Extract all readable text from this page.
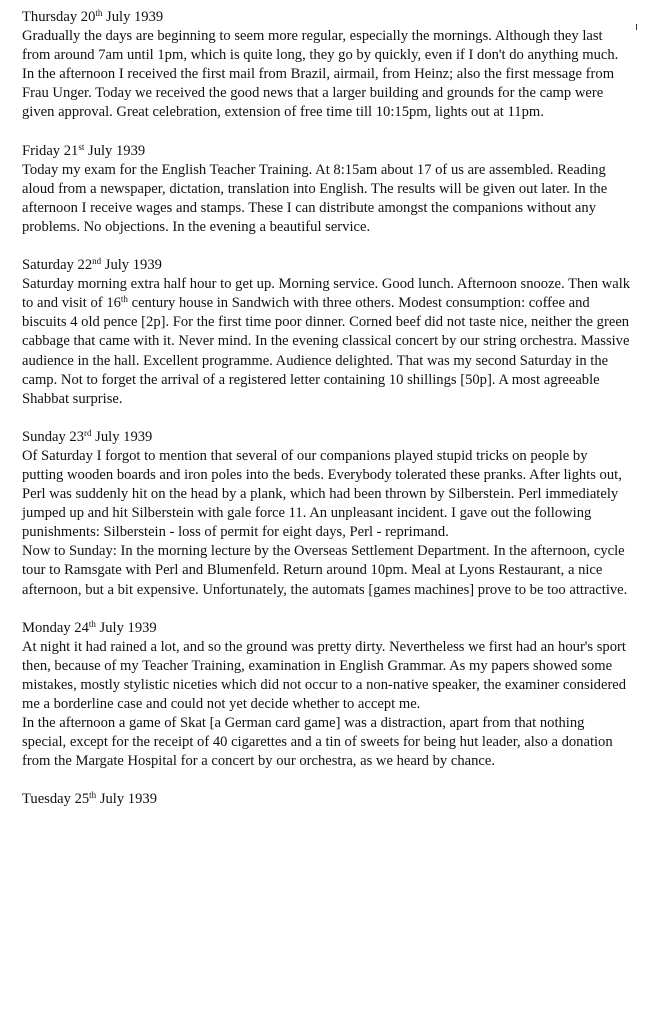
Thursday 20th July 1939

Gradually the days are beginning to seem more regular, especially the mornings. Although they last from around 7am until 1pm, which is quite long, they go by quickly, even if I don't do anything much. In the afternoon I received the first mail from Brazil, airmail, from Heinz; also the first message from Frau Unger. Today we received the good news that a larger building and grounds for the camp were given approval. Great celebration, extension of free time till 10:15pm, lights out at 11pm.

Friday 21st July 1939

Today my exam for the English Teacher Training. At 8:15am about 17 of us are assembled. Reading aloud from a newspaper, dictation, translation into English. The results will be given out later. In the afternoon I receive wages and stamps. These I can distribute amongst the companions without any problems. No objections. In the evening a beautiful service.

Saturday 22nd July 1939

Saturday morning extra half hour to get up. Morning service. Good lunch. Afternoon snooze. Then walk to and visit of 16th century house in Sandwich with three others. Modest consumption: coffee and biscuits 4 old pence [2p]. For the first time poor dinner. Corned beef did not taste nice, neither the green cabbage that came with it. Never mind. In the evening classical concert by our string orchestra. Massive audience in the hall. Excellent programme. Audience delighted. That was my second Saturday in the camp. Not to forget the arrival of a registered letter containing 10 shillings [50p]. A most agreeable Shabbat surprise.

Sunday 23rd July 1939

Of Saturday I forgot to mention that several of our companions played stupid tricks on people by putting wooden boards and iron poles into the beds. Everybody tolerated these pranks. After lights out, Perl was suddenly hit on the head by a plank, which had been thrown by Silberstein. Perl immediately jumped up and hit Silberstein with gale force 11. An unpleasant incident. I gave out the following punishments: Silberstein - loss of permit for eight days, Perl - reprimand.
Now to Sunday: In the morning lecture by the Overseas Settlement Department. In the afternoon, cycle tour to Ramsgate with Perl and Blumenfeld. Return around 10pm. Meal at Lyons Restaurant, a nice afternoon, but a bit expensive. Unfortunately, the automats [games machines] prove to be too attractive.

Monday 24th July 1939

At night it had rained a lot, and so the ground was pretty dirty. Nevertheless we first had an hour's sport then, because of my Teacher Training, examination in English Grammar. As my papers showed some mistakes, mostly stylistic niceties which did not occur to a non-native speaker, the examiner considered me a borderline case and could not yet decide whether to accept me.
In the afternoon a game of Skat [a German card game] was a distraction, apart from that nothing special, except for the receipt of 40 cigarettes and a tin of sweets for being hut leader, also a donation from the Margate Hospital for a concert by our orchestra, as we heard by chance.

Tuesday 25th July 1939
